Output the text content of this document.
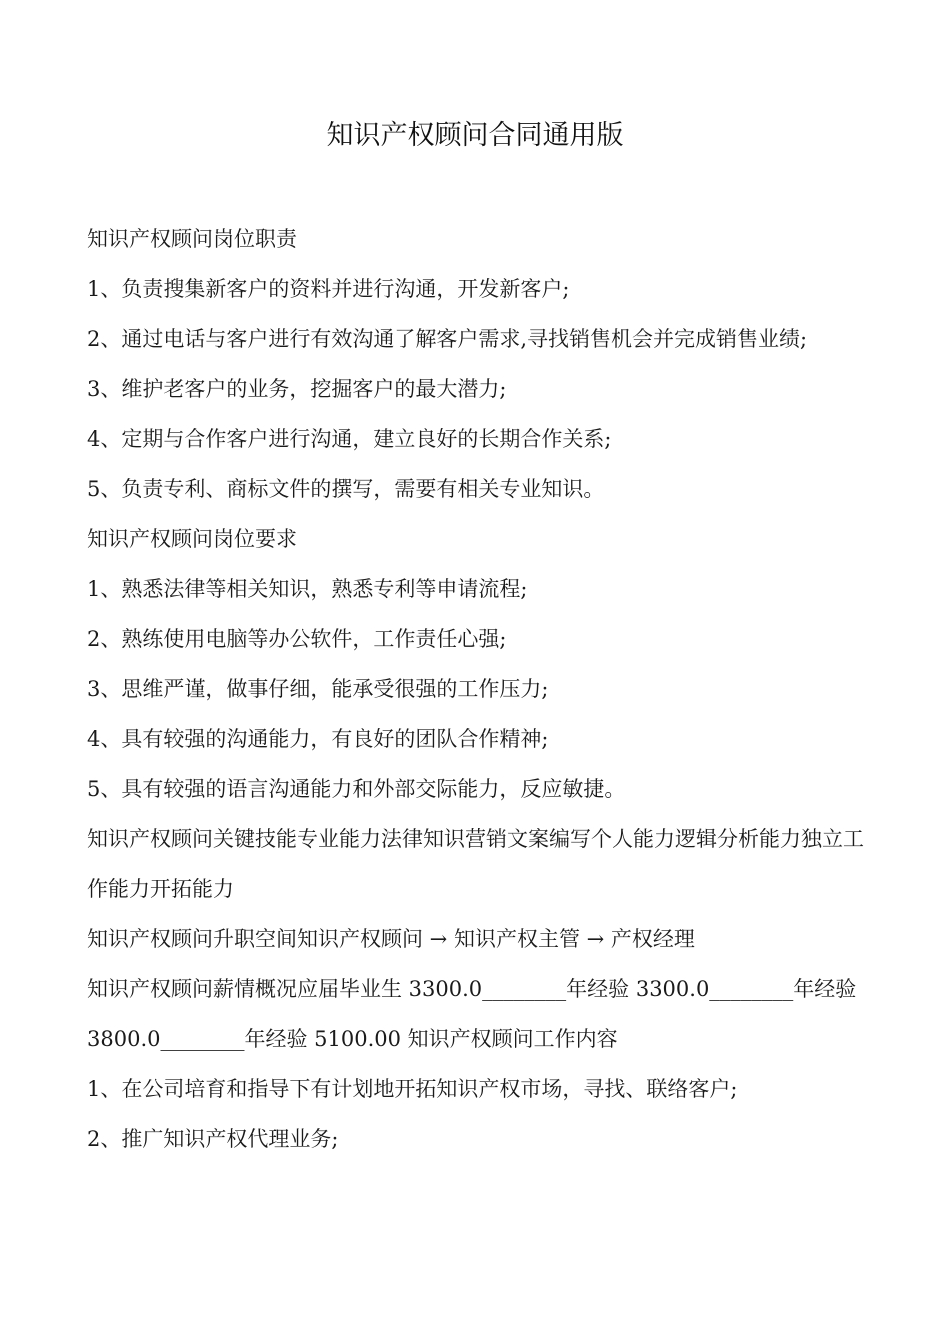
知识产权顾问合同通用版

知识产权顾问岗位职责

1、负责搜集新客户的资料并进行沟通，开发新客户;

2、通过电话与客户进行有效沟通了解客户需求,寻找销售机会并完成销售业绩;

3、维护老客户的业务，挖掘客户的最大潜力;

4、定期与合作客户进行沟通，建立良好的长期合作关系;

5、负责专利、商标文件的撰写，需要有相关专业知识。

知识产权顾问岗位要求

1、熟悉法律等相关知识，熟悉专利等申请流程;

2、熟练使用电脑等办公软件，工作责任心强;

3、思维严谨，做事仔细，能承受很强的工作压力;

4、具有较强的沟通能力，有良好的团队合作精神;

5、具有较强的语言沟通能力和外部交际能力，反应敏捷。

知识产权顾问关键技能专业能力法律知识营销文案编写个人能力逻辑分析能力独立工作能力开拓能力

知识产权顾问升职空间知识产权顾问 → 知识产权主管 → 产权经理

知识产权顾问薪情概况应届毕业生 3300.0________年经验 3300.0________年经验 3800.0________年经验 5100.00 知识产权顾问工作内容

1、在公司培育和指导下有计划地开拓知识产权市场，寻找、联络客户;

2、推广知识产权代理业务;
